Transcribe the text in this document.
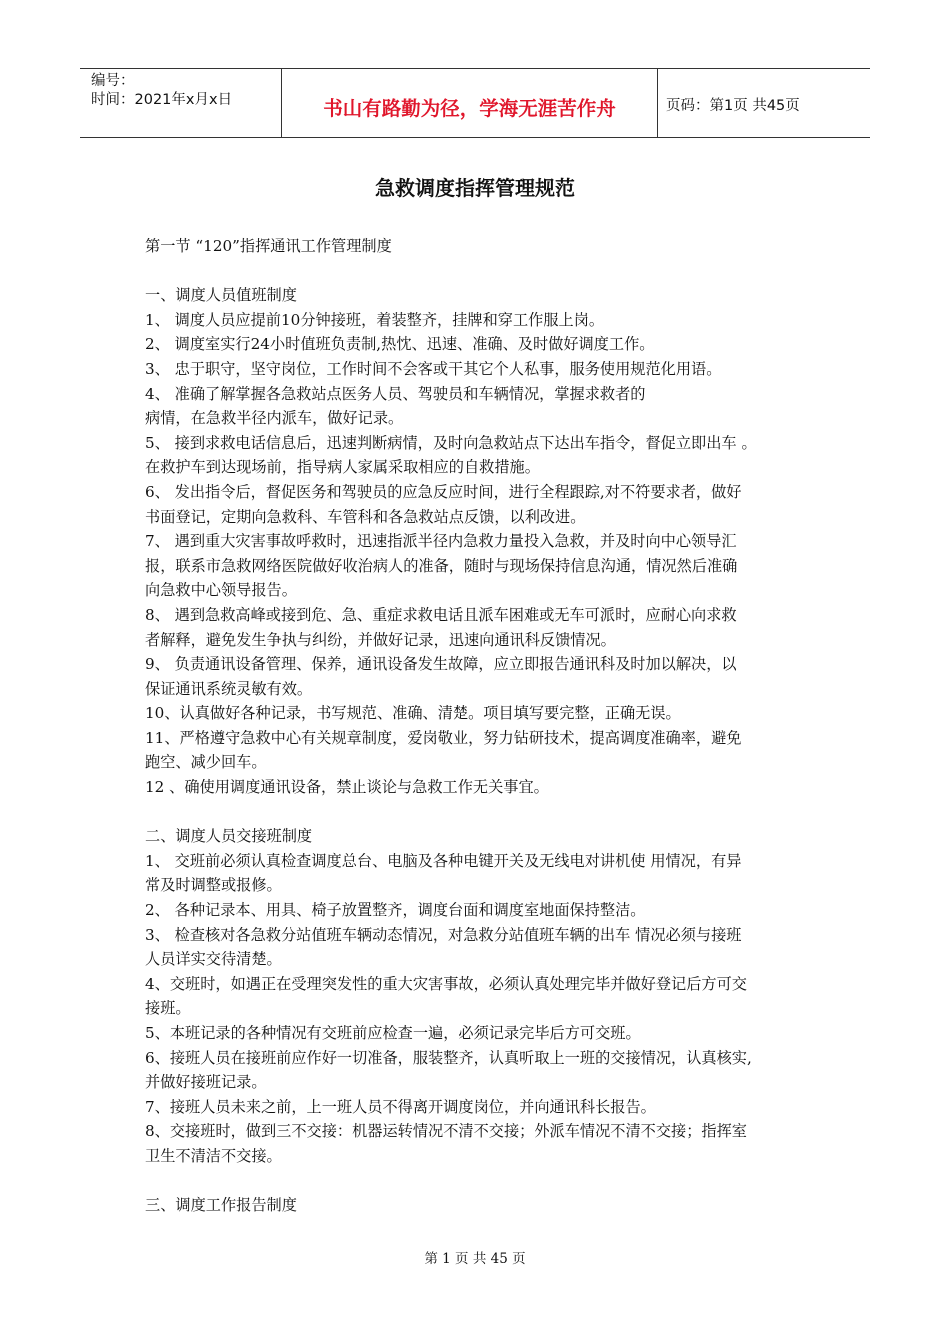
编号：
时间：2021年x月x日	书山有路勤为径，学海无涯苦作舟	页码：第1页 共45页
急救调度指挥管理规范
第一节 “120”指挥通讯工作管理制度
一、调度人员值班制度
1、 调度人员应提前10分钟接班，着装整齐，挂牌和穿工作服上岗。
2、 调度室实行24小时值班负责制,热忱、迅速、准确、及时做好调度工作。
3、 忠于职守，坚守岗位，工作时间不会客或干其它个人私事，服务使用规范化用语。
4、 准确了解掌握各急救站点医务人员、驾驶员和车辆情况，掌握求救者的
病情，在急救半径内派车，做好记录。
5、 接到求救电话信息后，迅速判断病情，及时向急救站点下达出车指令，督促立即出车 。
在救护车到达现场前，指导病人家属采取相应的自救措施。
6、 发出指令后，督促医务和驾驶员的应急反应时间，进行全程跟踪,对不符要求者，做好
书面登记，定期向急救科、车管科和各急救站点反馈，以利改进。
7、 遇到重大灾害事故呼救时，迅速指派半径内急救力量投入急救，并及时向中心领导汇
报，联系市急救网络医院做好收治病人的准备，随时与现场保持信息沟通，情况然后准确
向急救中心领导报告。
8、 遇到急救高峰或接到危、急、重症求救电话且派车困难或无车可派时，应耐心向求救
者解释，避免发生争执与纠纷，并做好记录，迅速向通讯科反馈情况。
9、 负责通讯设备管理、保养，通讯设备发生故障，应立即报告通讯科及时加以解决，以
保证通讯系统灵敏有效。
10、认真做好各种记录，书写规范、准确、清楚。项目填写要完整，正确无误。
11、严格遵守急救中心有关规章制度，爱岗敬业，努力钻研技术，提高调度准确率，避免
跑空、减少回车。
12 、确使用调度通讯设备，禁止谈论与急救工作无关事宜。
二、调度人员交接班制度
1、 交班前必须认真检查调度总台、电脑及各种电键开关及无线电对讲机使 用情况，有异
常及时调整或报修。
2、 各种记录本、用具、椅子放置整齐，调度台面和调度室地面保持整洁。
3、 检查核对各急救分站值班车辆动态情况，对急救分站值班车辆的出车 情况必须与接班
人员详实交待清楚。
4、交班时，如遇正在受理突发性的重大灾害事故，必须认真处理完毕并做好登记后方可交
接班。
5、本班记录的各种情况有交班前应检查一遍，必须记录完毕后方可交班。
6、接班人员在接班前应作好一切准备，服装整齐，认真听取上一班的交接情况，认真核实,
并做好接班记录。
7、接班人员未来之前，上一班人员不得离开调度岗位，并向通讯科长报告。
8、交接班时，做到三不交接：机器运转情况不清不交接；外派车情况不清不交接；指挥室
卫生不清洁不交接。
三、调度工作报告制度
第 1 页 共 45 页
